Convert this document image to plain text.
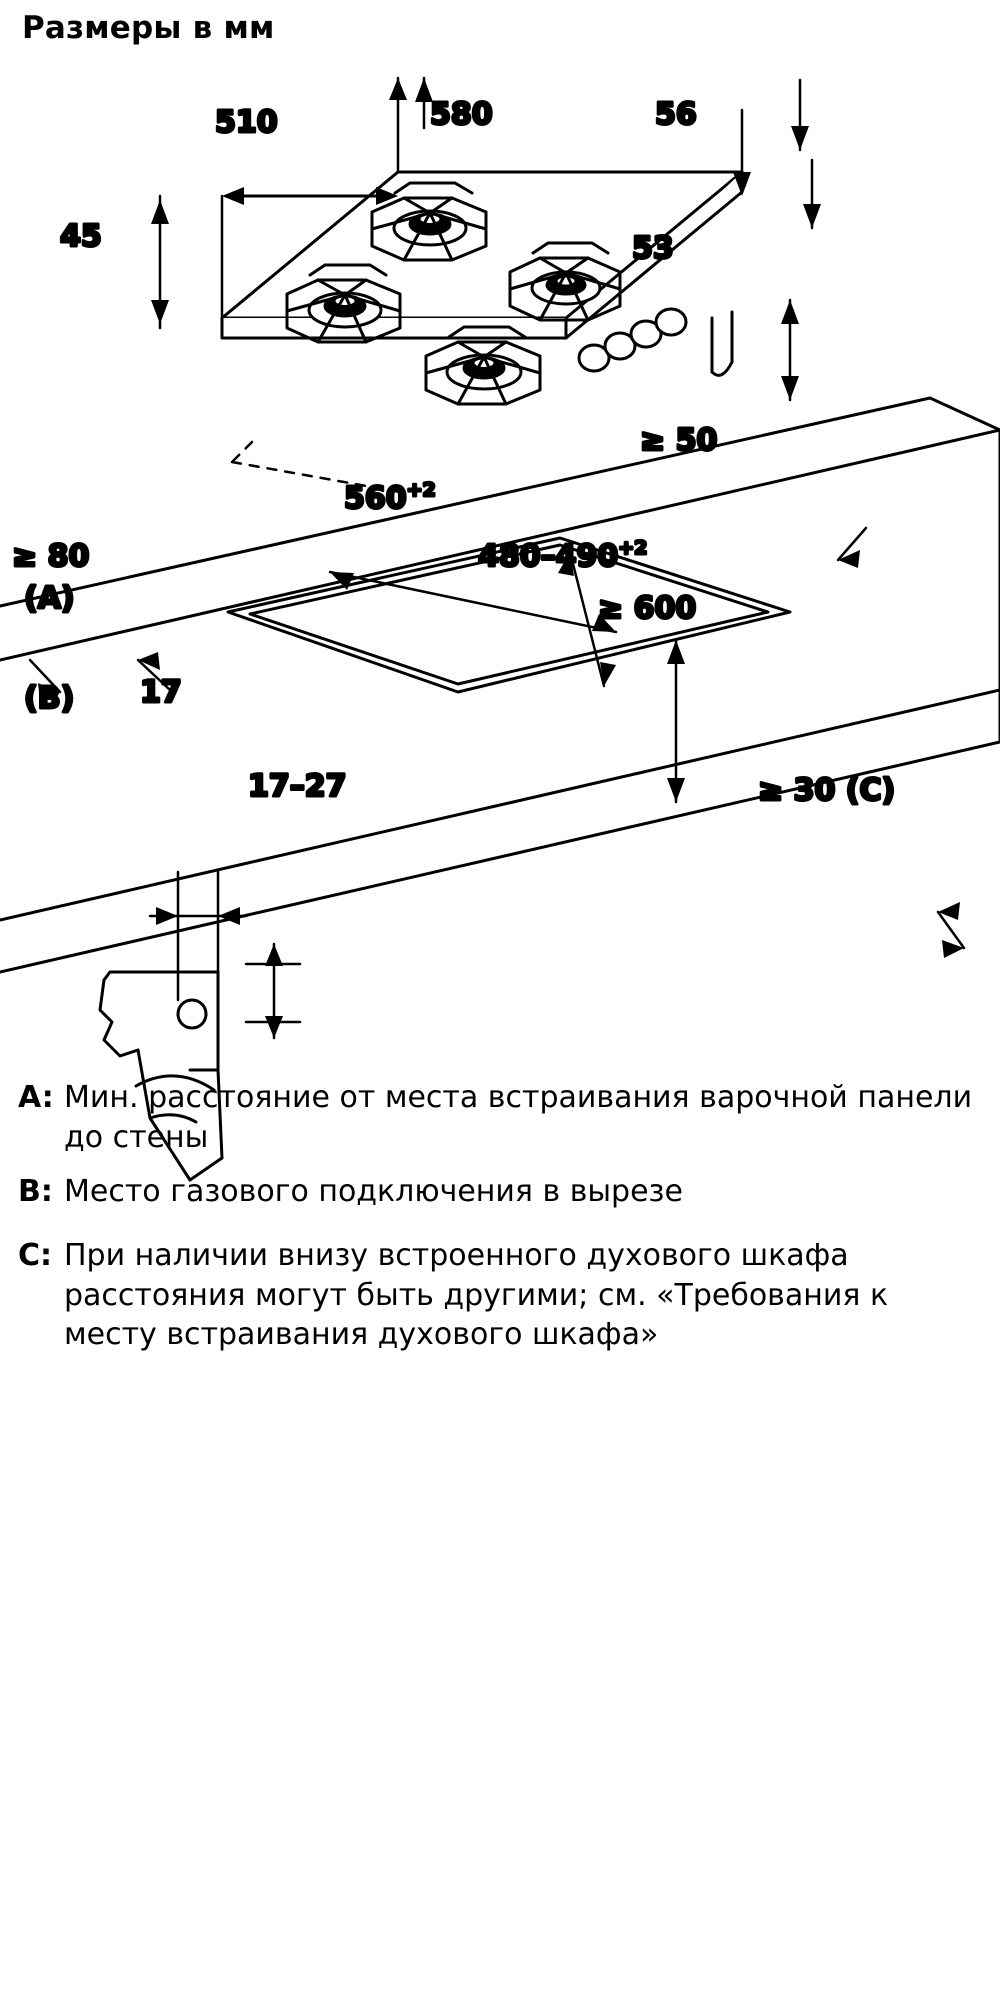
Размеры в мм
510	580	56
45	53
$560^{+2}$
$480-490^{+2}$
≥ 600
≥ 50
≥ 80
≥ 30 (C)
(A)
(B) 17
17–27
A: Мин. расстояние от места встраивания варочной панели до стены
B: Место газового подключения в вырезе
C: При наличии внизу встроенного духового шкафа расстояния могут быть другими; см. «Требования к месту встраивания духового шкафа»
